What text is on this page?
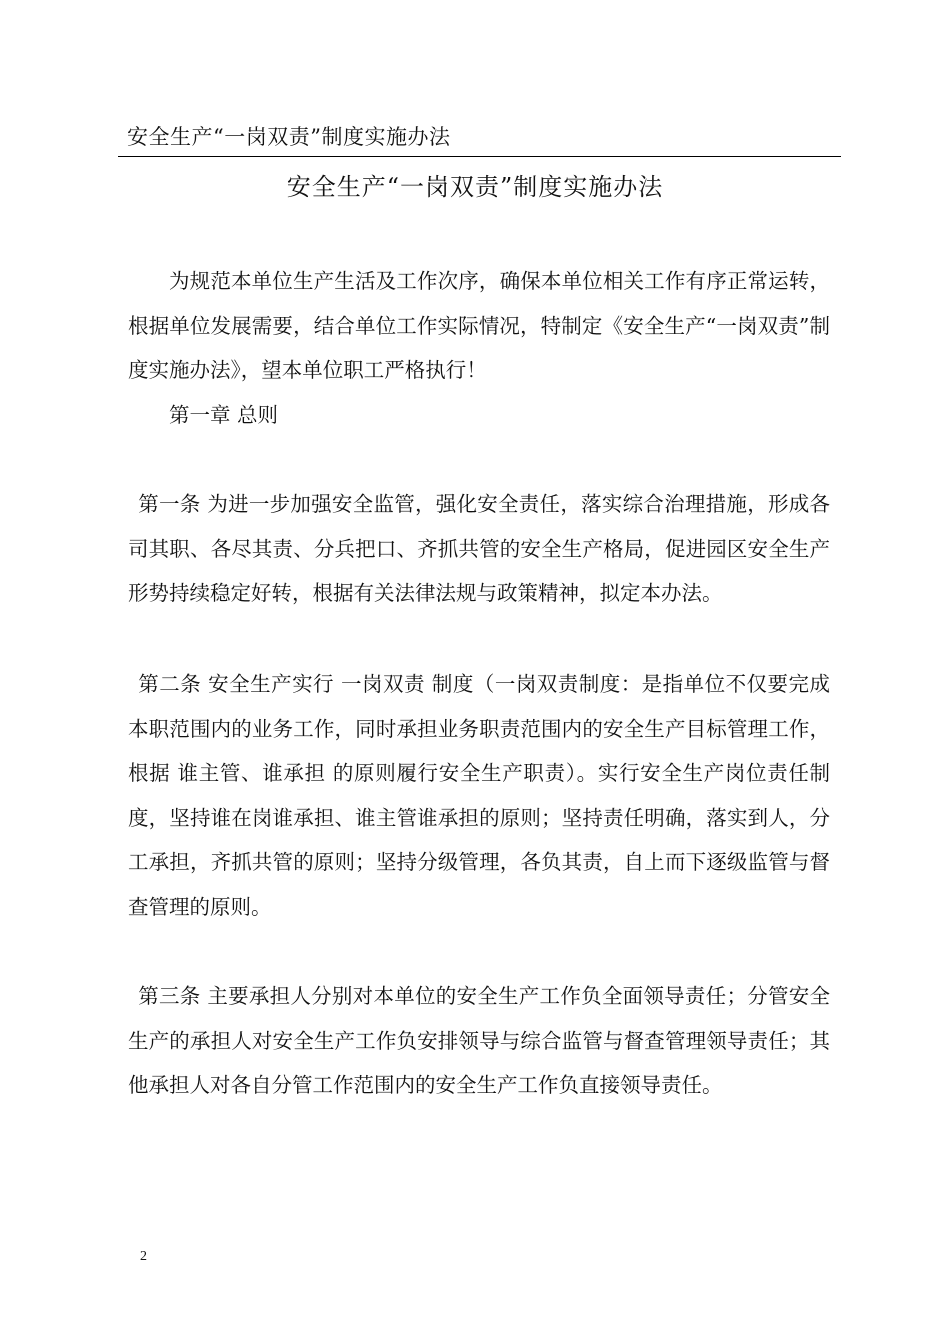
安全生产“一岗双责”制度实施办法
安全生产“一岗双责”制度实施办法

为规范本单位生产生活及工作次序，确保本单位相关工作有序正常运转，根据单位发展需要，结合单位工作实际情况，特制定《安全生产“一岗双责”制度实施办法》，望本单位职工严格执行！

第一章 总则

第一条 为进一步加强安全监管，强化安全责任，落实综合治理措施，形成各司其职、各尽其责、分兵把口、齐抓共管的安全生产格局，促进园区安全生产形势持续稳定好转，根据有关法律法规与政策精神，拟定本办法。

第二条 安全生产实行 一岗双责 制度（一岗双责制度：是指单位不仅要完成本职范围内的业务工作，同时承担业务职责范围内的安全生产目标管理工作，根据 谁主管、谁承担 的原则履行安全生产职责）。实行安全生产岗位责任制度，坚持谁在岗谁承担、谁主管谁承担的原则；坚持责任明确，落实到人，分工承担，齐抓共管的原则；坚持分级管理，各负其责，自上而下逐级监管与督查管理的原则。

第三条 主要承担人分别对本单位的安全生产工作负全面领导责任；分管安全生产的承担人对安全生产工作负安排领导与综合监管与督查管理领导责任；其他承担人对各自分管工作范围内的安全生产工作负直接领导责任。

2
